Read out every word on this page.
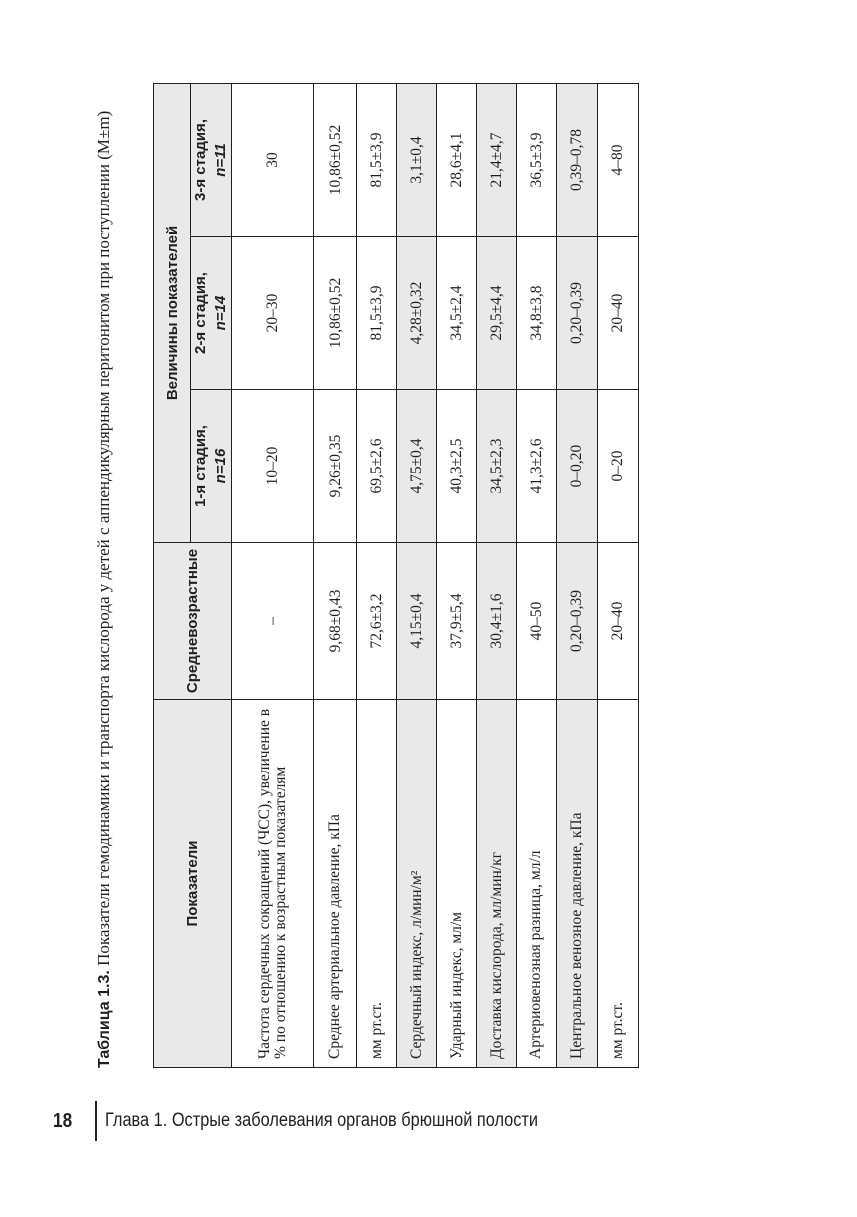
Таблица 1.3. Показатели гемодинамики и транспорта кислорода у детей с аппендикулярным перитонитом при поступлении (M±m)	Показатели	Средневозрастные	Величины показателей		
		1-я стадия, n=16	2-я стадия, n=14	3-я стадия, n=11
Частота сердечных сокращений (ЧСС), увеличение в % по отношению к возрастным показателям	–	10–20	20–30	30
Среднее артериальное давление, кПа	9,68±0,43	9,26±0,35	10,86±0,52	10,86±0,52
мм рт.ст.	72,6±3,2	69,5±2,6	81,5±3,9	81,5±3,9
Сердечный индекс, л/мин/м²	4,15±0,4	4,75±0,4	4,28±0,32	3,1±0,4
Ударный индекс, мл/м	37,9±5,4	40,3±2,5	34,5±2,4	28,6±4,1
Доставка кислорода, мл/мин/кг	30,4±1,6	34,5±2,3	29,5±4,4	21,4±4,7
Артериовенозная разница, мл/л	40–50	41,3±2,6	34,8±3,8	36,5±3,9
Центральное венозное давление, кПа	0,20–0,39	0–0,20	0,20–0,39	0,39–0,78
мм рт.ст.	20–40	0–20	20–40	4–80
18	Глава 1. Острые заболевания органов брюшной полости
